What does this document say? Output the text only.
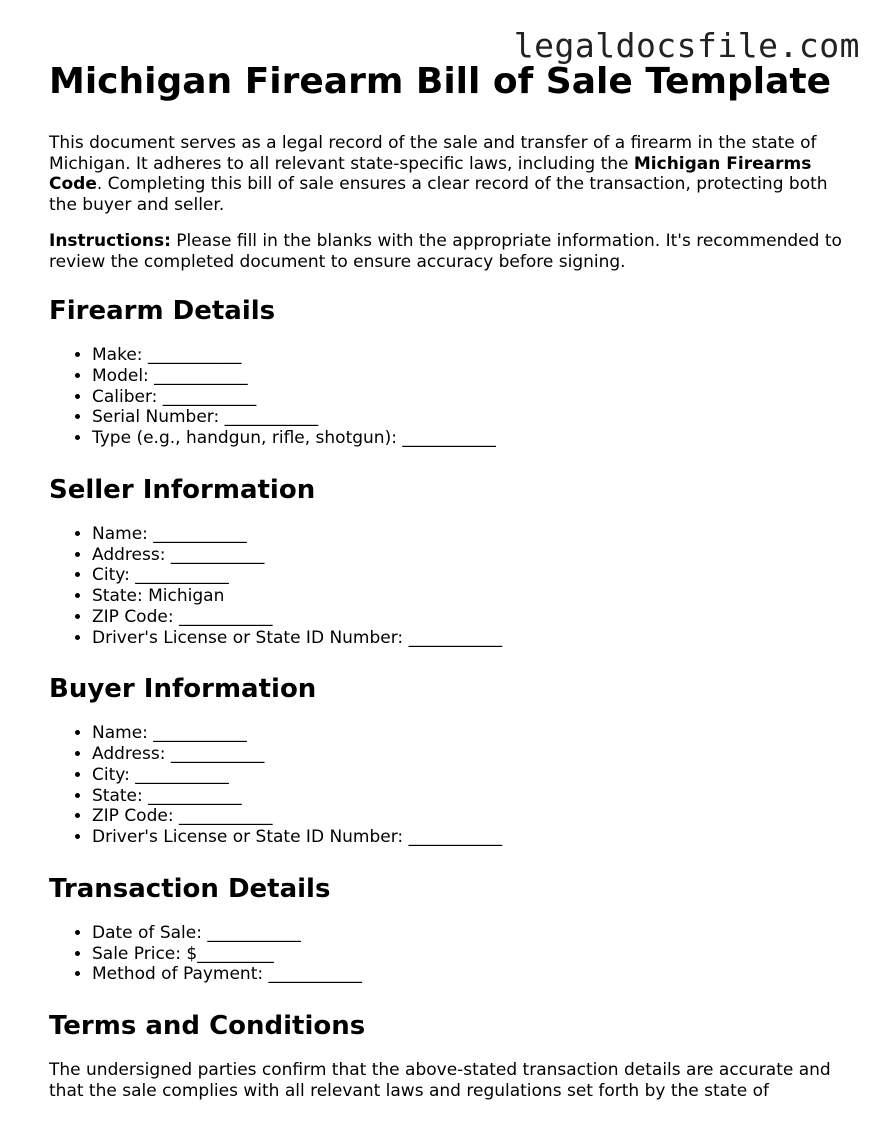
legaldocsfile.com
Michigan Firearm Bill of Sale Template

This document serves as a legal record of the sale and transfer of a firearm in the state of Michigan. It adheres to all relevant state-specific laws, including the Michigan Firearms Code. Completing this bill of sale ensures a clear record of the transaction, protecting both the buyer and seller.

Instructions: Please fill in the blanks with the appropriate information. It's recommended to review the completed document to ensure accuracy before signing.

Firearm Details
• Make: ___________
• Model: ___________
• Caliber: ___________
• Serial Number: ___________
• Type (e.g., handgun, rifle, shotgun): ___________
Seller Information
• Name: ___________
• Address: ___________
• City: ___________
• State: Michigan
• ZIP Code: ___________
• Driver's License or State ID Number: ___________
Buyer Information
• Name: ___________
• Address: ___________
• City: ___________
• State: ___________
• ZIP Code: ___________
• Driver's License or State ID Number: ___________
Transaction Details
• Date of Sale: ___________
• Sale Price: $_________
• Method of Payment: ___________
Terms and Conditions

The undersigned parties confirm that the above-stated transaction details are accurate and that the sale complies with all relevant laws and regulations set forth by the state of
